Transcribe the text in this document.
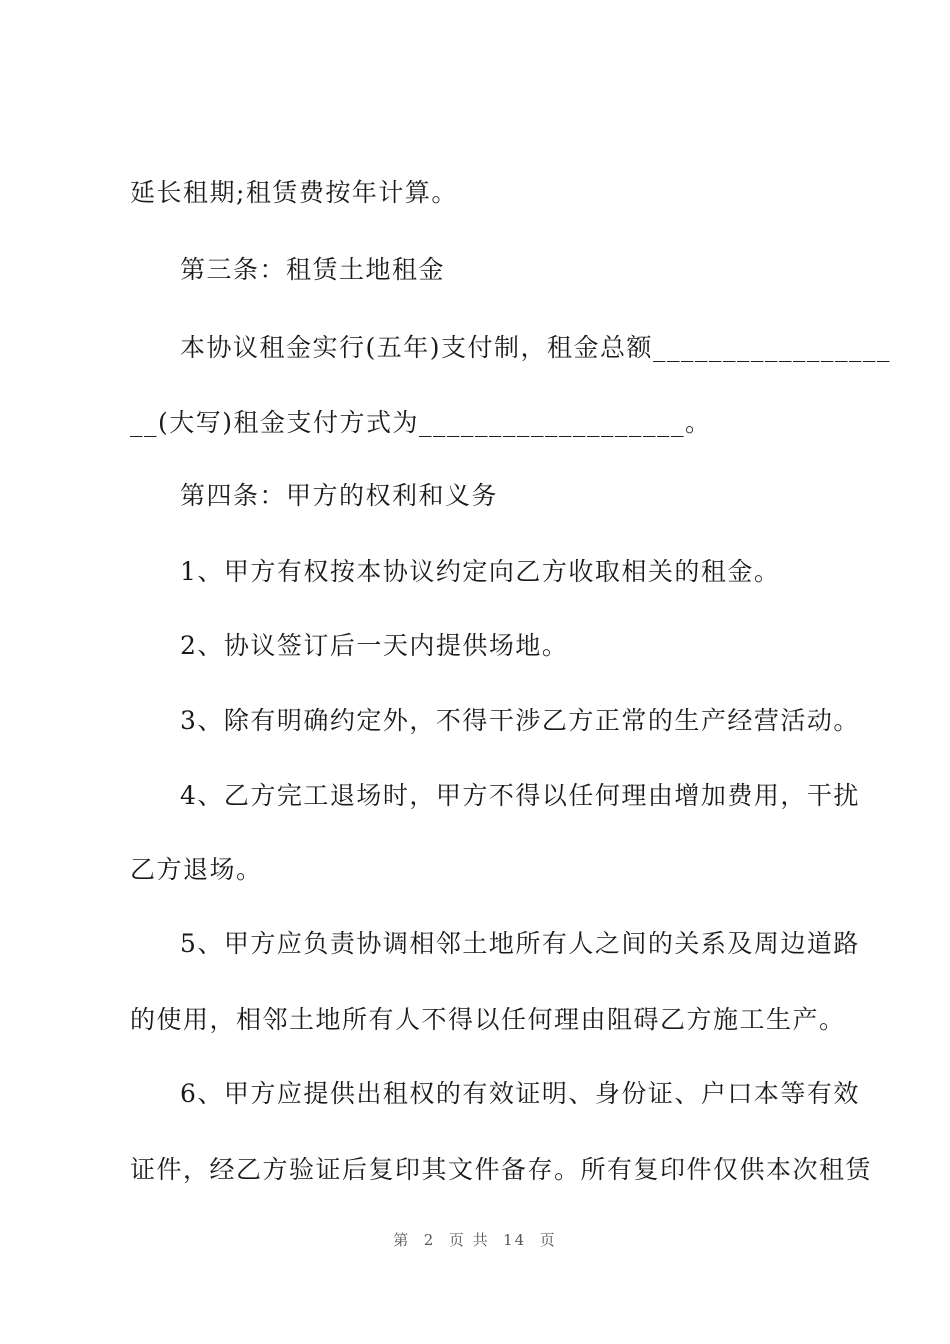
延长租期;租赁费按年计算。
第三条：租赁土地租金
本协议租金实行(五年)支付制，租金总额_________________
__(大写)租金支付方式为___________________。
第四条：甲方的权利和义务
1、甲方有权按本协议约定向乙方收取相关的租金。
2、协议签订后一天内提供场地。
3、除有明确约定外，不得干涉乙方正常的生产经营活动。
4、乙方完工退场时，甲方不得以任何理由增加费用，干扰
乙方退场。
5、甲方应负责协调相邻土地所有人之间的关系及周边道路
的使用，相邻土地所有人不得以任何理由阻碍乙方施工生产。
6、甲方应提供出租权的有效证明、身份证、户口本等有效
证件，经乙方验证后复印其文件备存。所有复印件仅供本次租赁
第  2  页 共  14  页
